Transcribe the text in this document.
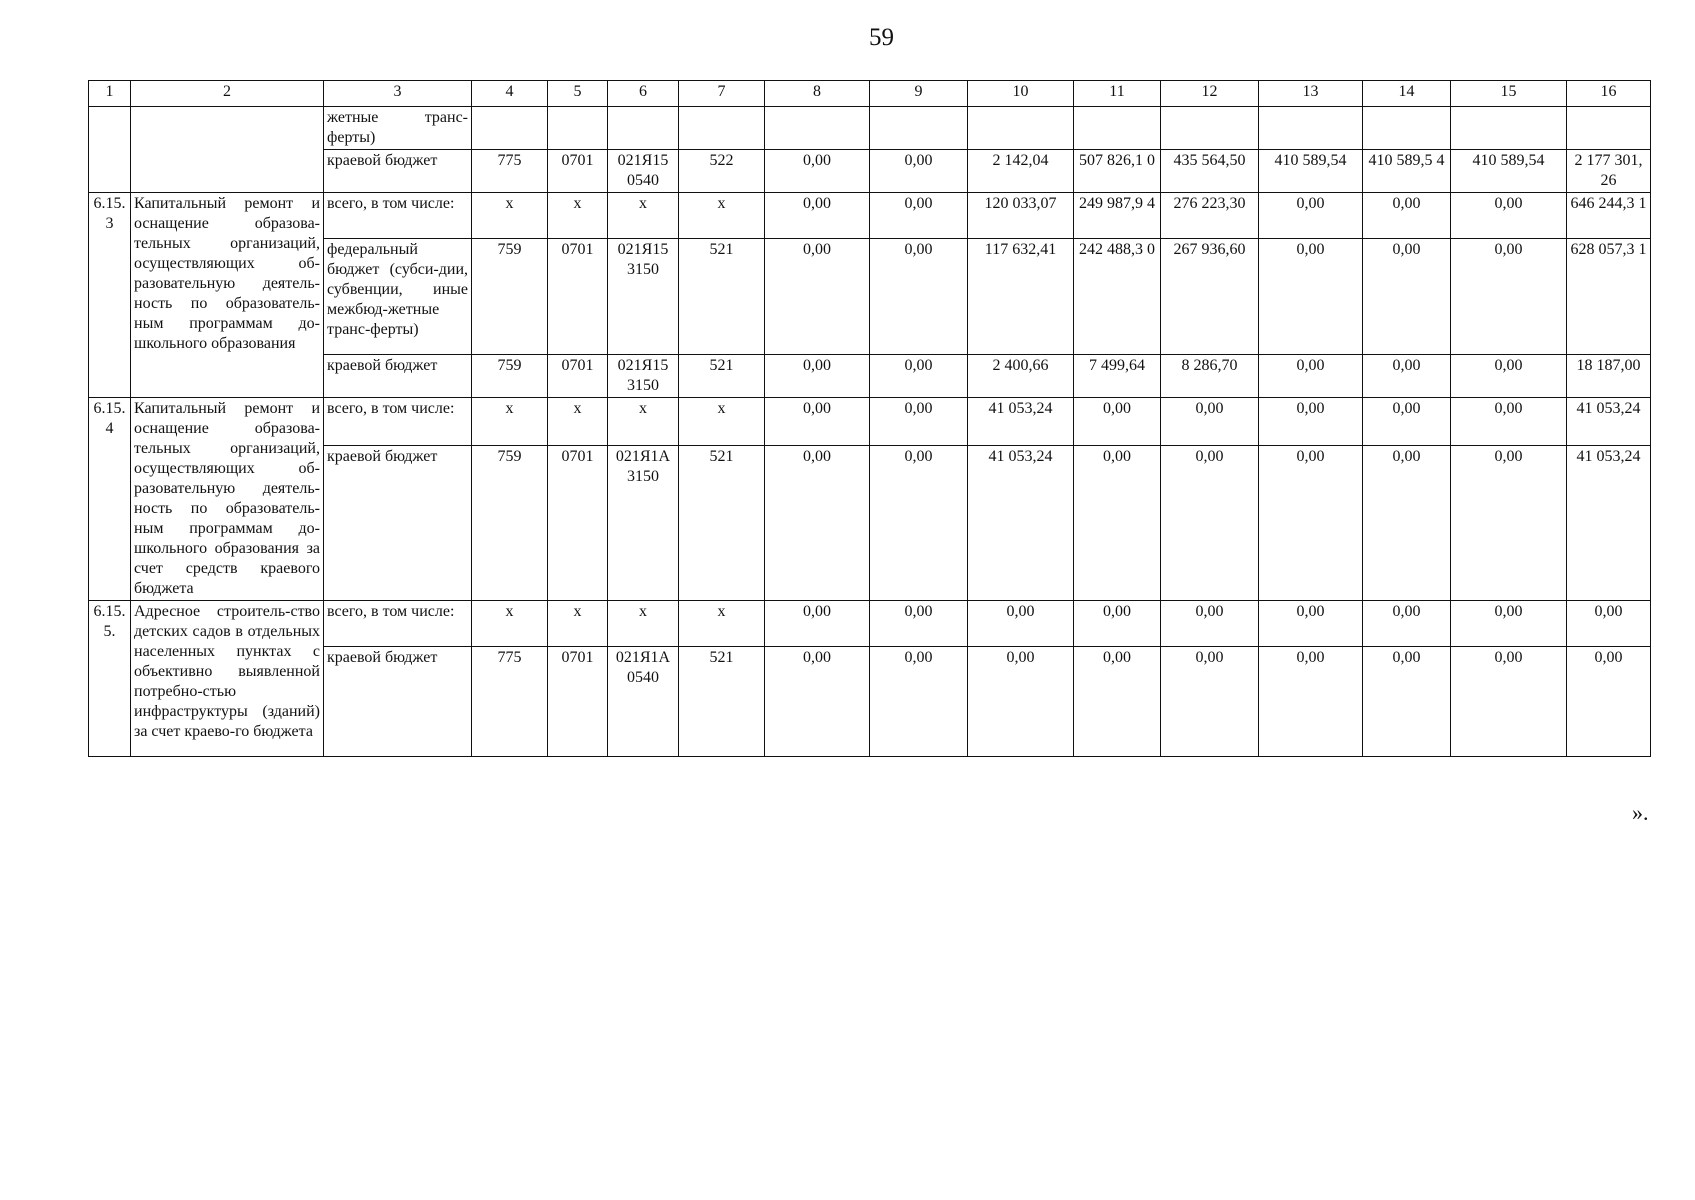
59
1	2	3	4	5	6	7	8	9	10	11	12	13	14	15	16
		жетные транс-ферты)													
		краевой бюджет	775	0701	021Я15 0540	522	0,00	0,00	2 142,04	507 826,1 0	435 564,50	410 589,54	410 589,5 4	410 589,54	2 177 301, 26
6.15. 3	Капитальный ремонт и оснащение образова-тельных организаций, осуществляющих об-разовательную деятель-ность по образователь-ным программам до-школьного образования	всего, в том числе:	x	x	x	x	0,00	0,00	120 033,07	249 987,9 4	276 223,30	0,00	0,00	0,00	646 244,3 1
		федеральный бюджет (субси-дии, субвенции, иные межбюд-жетные транс-ферты)	759	0701	021Я15 3150	521	0,00	0,00	117 632,41	242 488,3 0	267 936,60	0,00	0,00	0,00	628 057,3 1
		краевой бюджет	759	0701	021Я15 3150	521	0,00	0,00	2 400,66	7 499,64	8 286,70	0,00	0,00	0,00	18 187,00
6.15. 4	Капитальный ремонт и оснащение образова-тельных организаций, осуществляющих об-разовательную деятель-ность по образователь-ным программам до-школьного образования за счет средств краевого бюджета	всего, в том числе:	x	x	x	x	0,00	0,00	41 053,24	0,00	0,00	0,00	0,00	0,00	41 053,24
		краевой бюджет	759	0701	021Я1А 3150	521	0,00	0,00	41 053,24	0,00	0,00	0,00	0,00	0,00	41 053,24
6.15. 5.	Адресное строитель-ство детских садов в отдельных населенных пунктах с объективно выявленной потребно-стью инфраструктуры (зданий) за счет краево-го бюджета	всего, в том числе:	x	x	x	x	0,00	0,00	0,00	0,00	0,00	0,00	0,00	0,00	0,00
		краевой бюджет	775	0701	021Я1А 0540	521	0,00	0,00	0,00	0,00	0,00	0,00	0,00	0,00	0,00
».
